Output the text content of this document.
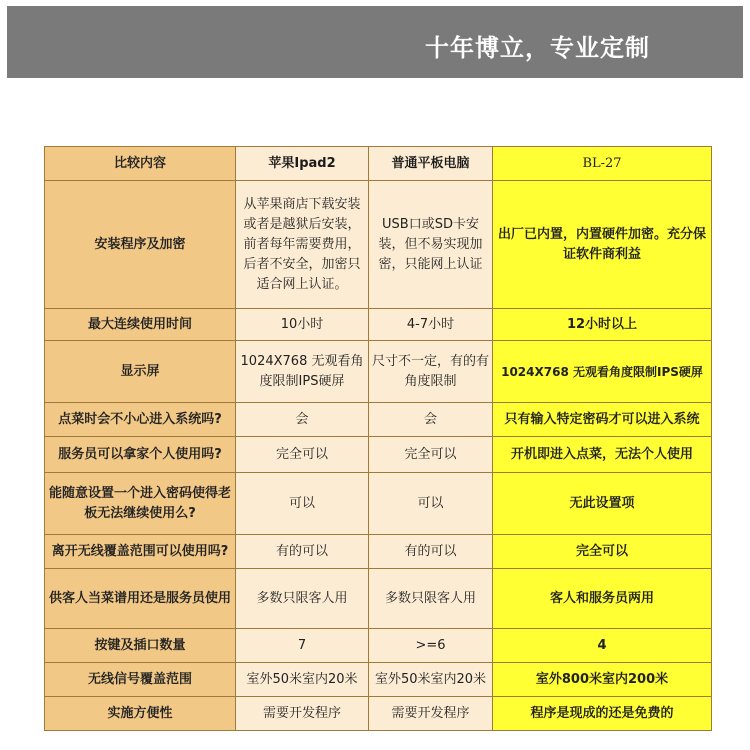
十年博立，专业定制
比较内容	苹果Ipad2	普通平板电脑	BL-27
安装程序及加密	从苹果商店下载安装或者是越狱后安装，前者每年需要费用，后者不安全，加密只适合网上认证。	USB口或SD卡安装，但不易实现加密，只能网上认证	出厂已内置，内置硬件加密。充分保证软件商利益
最大连续使用时间	10小时	4-7小时	12小时以上
显示屏	1024X768 无观看角度限制IPS硬屏	尺寸不一定，有的有角度限制	1024X768 无观看角度限制IPS硬屏
点菜时会不小心进入系统吗?	会	会	只有输入特定密码才可以进入系统
服务员可以拿家个人使用吗?	完全可以	完全可以	开机即进入点菜，无法个人使用
能随意设置一个进入密码使得老板无法继续使用么?	可以	可以	无此设置项
离开无线覆盖范围可以使用吗?	有的可以	有的可以	完全可以
供客人当菜谱用还是服务员使用	多数只限客人用	多数只限客人用	客人和服务员两用
按键及插口数量	7	>=6	4
无线信号覆盖范围	室外50米室内20米	室外50米室内20米	室外800米室内200米
实施方便性	需要开发程序	需要开发程序	程序是现成的还是免费的
